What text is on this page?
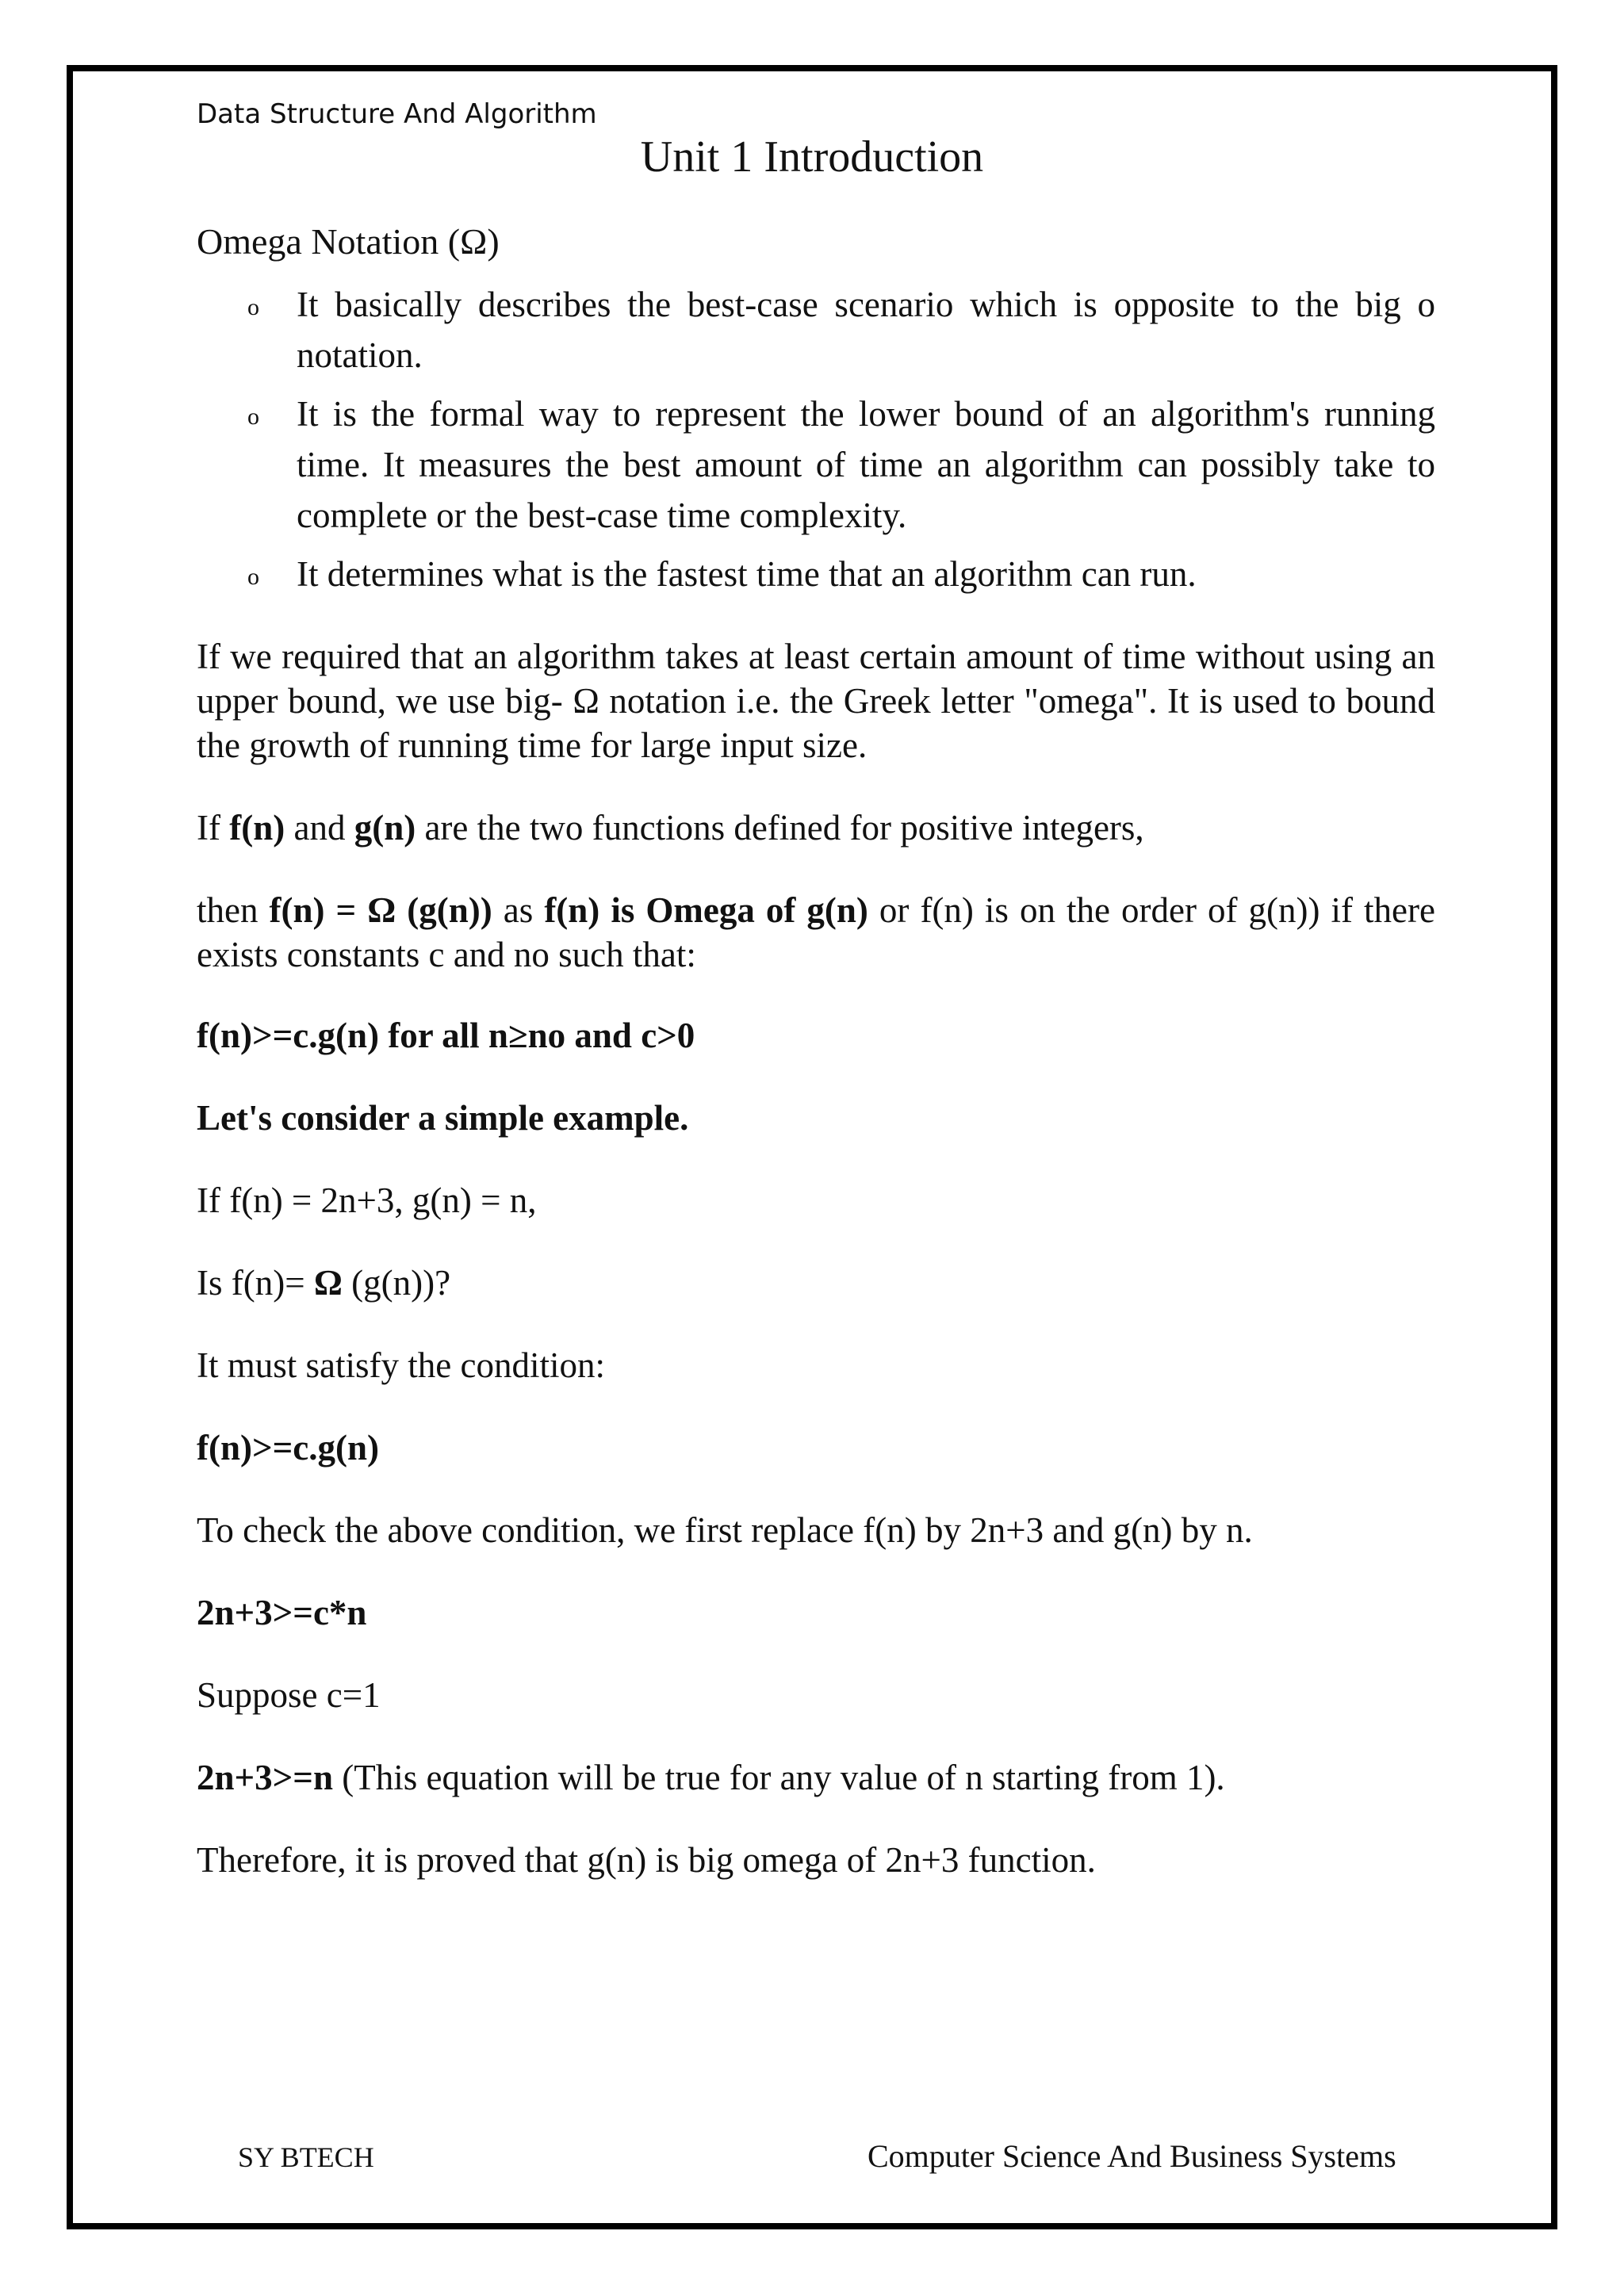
Data Structure And Algorithm
Unit 1 Introduction
Omega Notation (Ω)
o It basically describes the best-case scenario which is opposite to the big o notation.
o It is the formal way to represent the lower bound of an algorithm's running time. It measures the best amount of time an algorithm can possibly take to complete or the best-case time complexity.
o It determines what is the fastest time that an algorithm can run.
If we required that an algorithm takes at least certain amount of time without using an upper bound, we use big- Ω notation i.e. the Greek letter "omega". It is used to bound the growth of running time for large input size.
If f(n) and g(n) are the two functions defined for positive integers,
then f(n) = Ω (g(n)) as f(n) is Omega of g(n) or f(n) is on the order of g(n)) if there exists constants c and no such that:
f(n)>=c.g(n) for all n≥no and c>0
Let's consider a simple example.
If f(n) = 2n+3, g(n) = n,
Is f(n)= Ω (g(n))?
It must satisfy the condition:
f(n)>=c.g(n)
To check the above condition, we first replace f(n) by 2n+3 and g(n) by n.
2n+3>=c*n
Suppose c=1
2n+3>=n (This equation will be true for any value of n starting from 1).
Therefore, it is proved that g(n) is big omega of 2n+3 function.
SY BTECH	Computer Science And Business Systems
